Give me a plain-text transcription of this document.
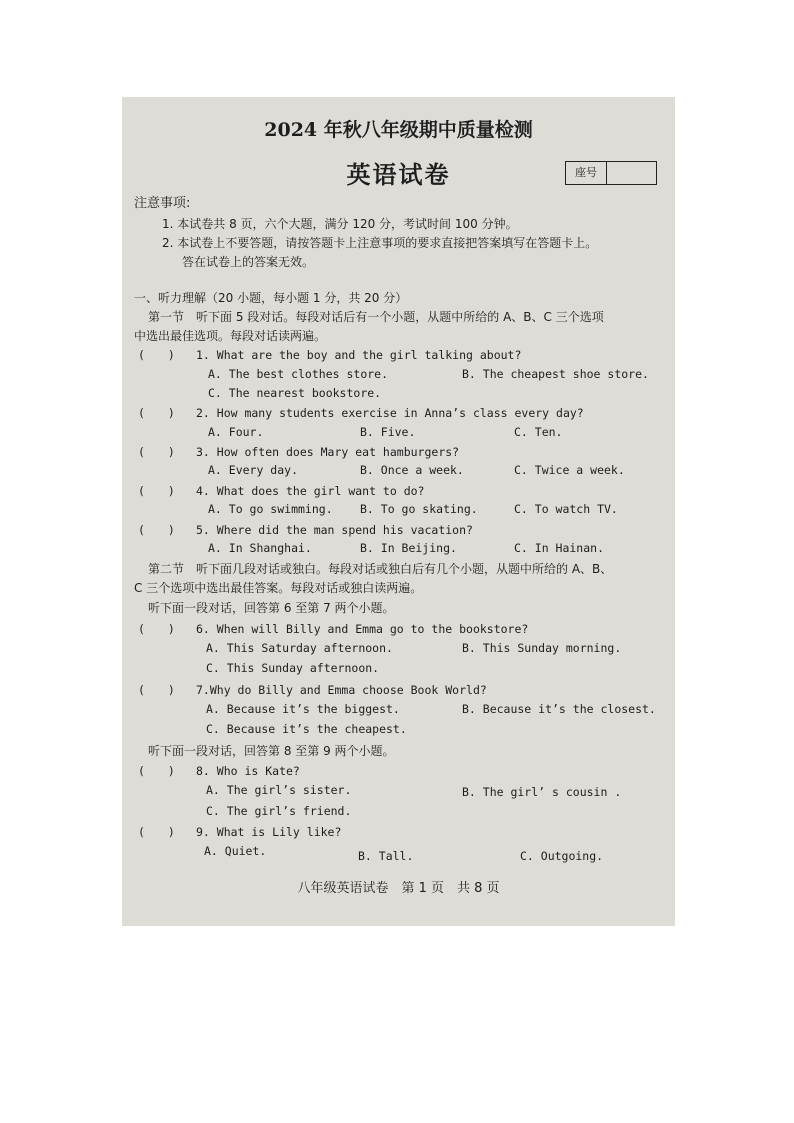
2024 年秋八年级期中质量检测
英语试卷	座号
注意事项:
1. 本试卷共 8 页，六个大题，满分 120 分，考试时间 100 分钟。
2. 本试卷上不要答题，请按答题卡上注意事项的要求直接把答案填写在答题卡上。
答在试卷上的答案无效。
一、听力理解（20 小题，每小题 1 分，共 20 分）
第一节　听下面 5 段对话。每段对话后有一个小题，从题中所给的 A、B、C 三个选项
中选出最佳选项。每段对话读两遍。
(　　) 1. What are the boy and the girl talking about?
A. The best clothes store.	B. The cheapest shoe store.
C. The nearest bookstore.
(　　) 2. How many students exercise in Anna’s class every day?
A. Four.	B. Five.	C. Ten.
(　　) 3. How often does Mary eat hamburgers?
A. Every day.	B. Once a week.	C. Twice a week.
(　　) 4. What does the girl want to do?
A. To go swimming. B. To go skating.	C. To watch TV.
(　　) 5. Where did the man spend his vacation?
A. In Shanghai.	B. In Beijing.	C. In Hainan.
第二节　听下面几段对话或独白。每段对话或独白后有几个小题，从题中所给的 A、B、
C 三个选项中选出最佳答案。每段对话或独白读两遍。
听下面一段对话，回答第 6 至第 7 两个小题。
(　　) 6. When will Billy and Emma go to the bookstore?
A. This Saturday afternoon.	B. This Sunday morning.
C. This Sunday afternoon.
(　　) 7.Why do Billy and Emma choose Book World?
A. Because it’s the biggest.	B. Because it’s the closest.
C. Because it’s the cheapest.
听下面一段对话，回答第 8 至第 9 两个小题。
(　　) 8. Who is Kate?
A. The girl’s sister.	B. The girl’ s cousin .
C. The girl’s friend.
(　　) 9. What is Lily like?
A. Quiet.	B. Tall.	C. Outgoing.
八年级英语试卷　第 1 页　共 8 页
